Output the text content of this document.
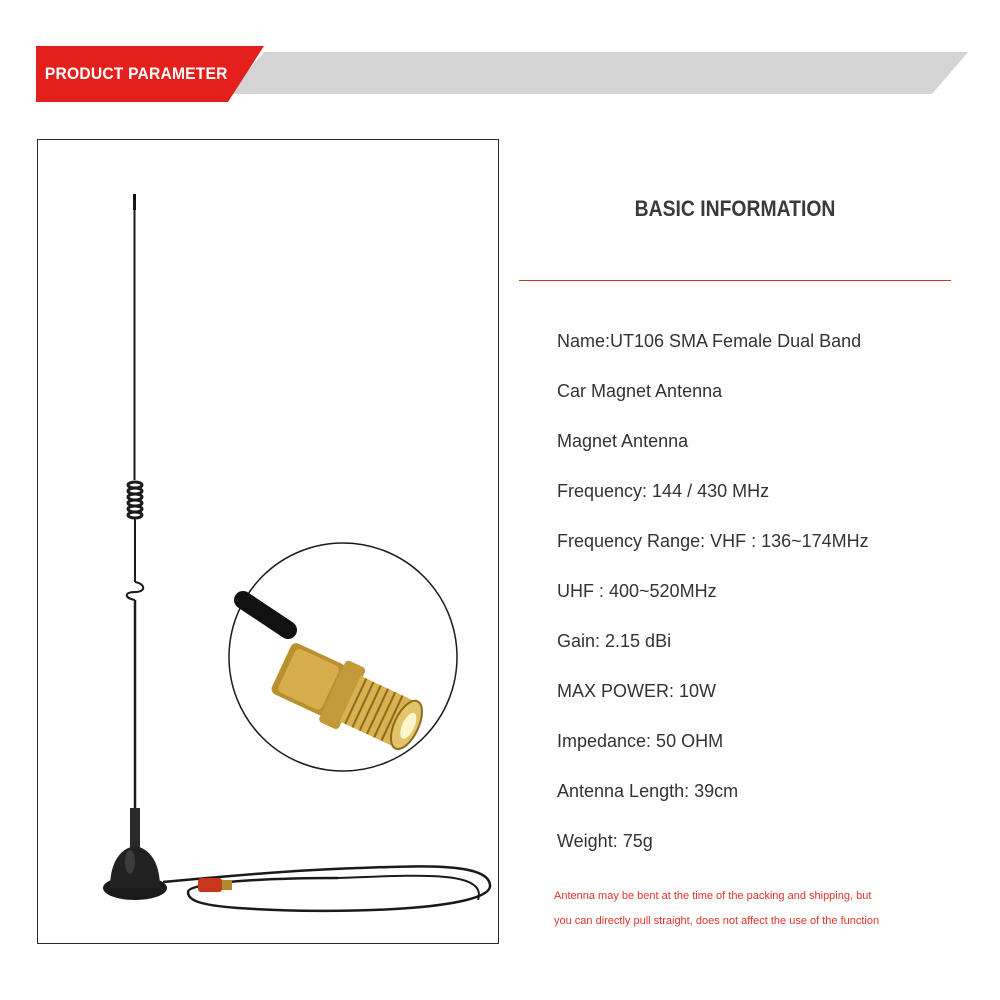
PRODUCT PARAMETER
BASIC INFORMATION
Name:UT106 SMA Female Dual Band
Car Magnet Antenna
Magnet Antenna
Frequency: 144 / 430 MHz
Frequency Range: VHF : 136~174MHz
UHF : 400~520MHz
Gain: 2.15 dBi
MAX POWER: 10W
Impedance: 50 OHM
Antenna Length: 39cm
Weight: 75g
Antenna may be bent at the time of the packing and shipping, but
you can directly pull straight, does not affect the use of the function
